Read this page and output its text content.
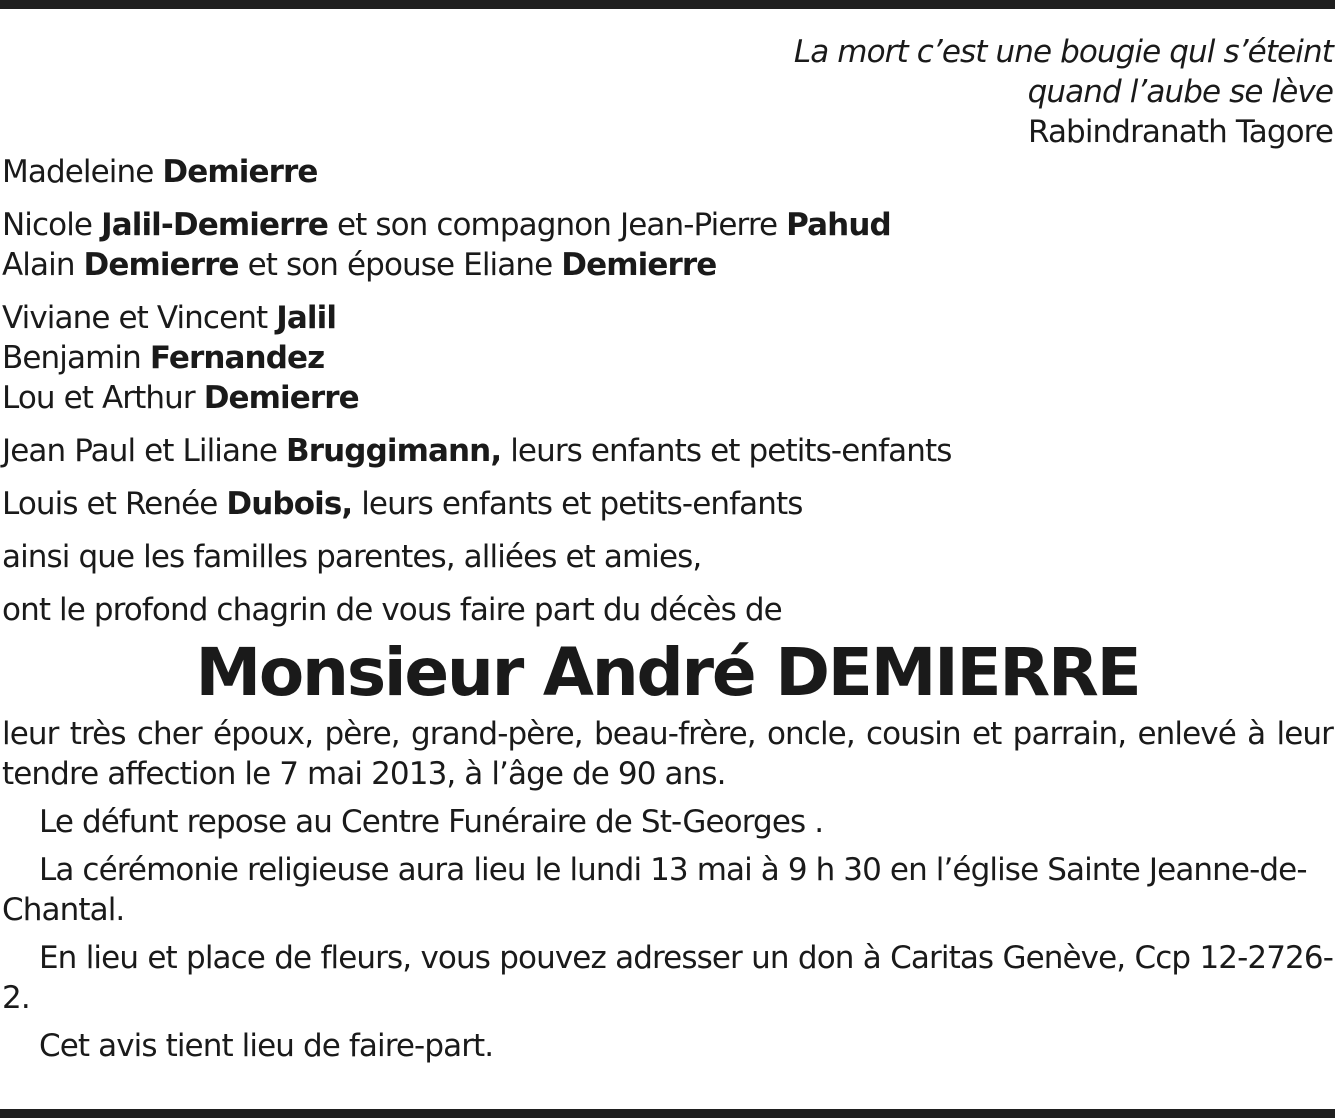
La mort c’est une bougie qul s’éteint
quand l’aube se lève
Rabindranath Tagore
Madeleine Demierre
Nicole Jalil-Demierre et son compagnon Jean-Pierre Pahud
Alain Demierre et son épouse Eliane Demierre
Viviane et Vincent Jalil
Benjamin Fernandez
Lou et Arthur Demierre
Jean Paul et Liliane Bruggimann, leurs enfants et petits-enfants
Louis et Renée Dubois, leurs enfants et petits-enfants
ainsi que les familles parentes, alliées et amies,
ont le profond chagrin de vous faire part du décès de
Monsieur André DEMIERRE
leur très cher époux, père, grand-père, beau-frère, oncle, cousin et parrain, enlevé à leur tendre affection le 7 mai 2013, à l’âge de 90 ans.
Le défunt repose au Centre Funéraire de St-Georges .
La cérémonie religieuse aura lieu le lundi 13 mai à 9 h 30 en l’église Sainte Jeanne-de-Chantal.
En lieu et place de fleurs, vous pouvez adresser un don à Caritas Genève, Ccp 12-2726-2.
Cet avis tient lieu de faire-part.
